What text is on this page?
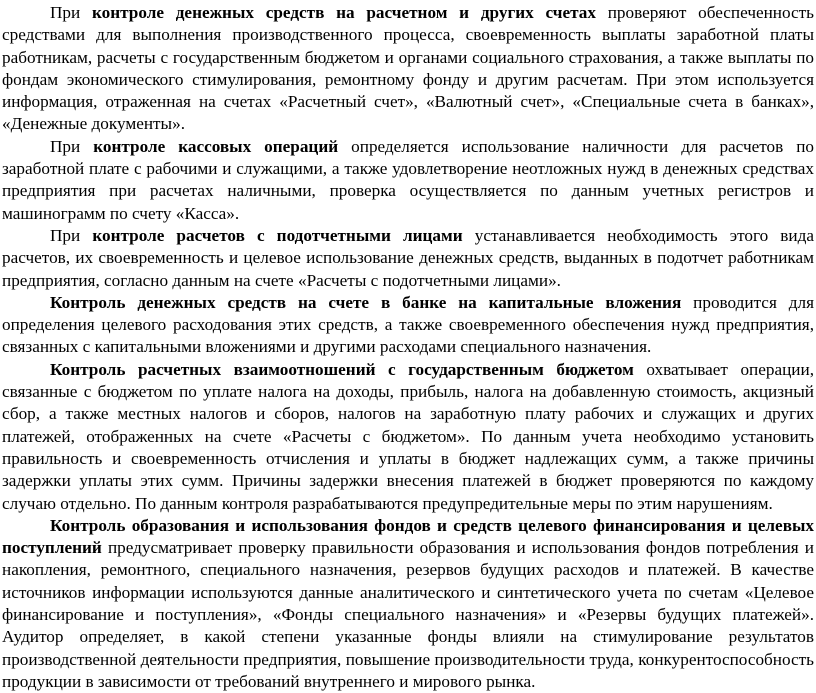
При контроле денежных средств на расчетном и других счетах проверяют обеспеченность средствами для выполнения производственного процесса, своевременность выплаты заработной платы работникам, расчеты с государственным бюджетом и органами социального страхования, а также выплаты по фондам экономического стимулирования, ремонтному фонду и другим расчетам. При этом используется информация, отраженная на счетах «Расчетный счет», «Валютный счет», «Специальные счета в банках», «Денежные документы».

При контроле кассовых операций определяется использование наличности для расчетов по заработной плате с рабочими и служащими, а также удовлетворение неотложных нужд в денежных средствах предприятия при расчетах наличными, проверка осуществляется по данным учетных регистров и машинограмм по счету «Касса».

При контроле расчетов с подотчетными лицами устанавливается необходимость этого вида расчетов, их своевременность и целевое использование денежных средств, выданных в подотчет работникам предприятия, согласно данным на счете «Расчеты с подотчетными лицами».

Контроль денежных средств на счете в банке на капитальные вложения проводится для определения целевого расходования этих средств, а также своевременного обеспечения нужд предприятия, связанных с капитальными вложениями и другими расходами специального назначения.

Контроль расчетных взаимоотношений с государственным бюджетом охватывает операции, связанные с бюджетом по уплате налога на доходы, прибыль, налога на добавленную стоимость, акцизный сбор, а также местных налогов и сборов, налогов на заработную плату рабочих и служащих и других платежей, отображенных на счете «Расчеты с бюджетом». По данным учета необходимо установить правильность и своевременность отчисления и уплаты в бюджет надлежащих сумм, а также причины задержки уплаты этих сумм. Причины задержки внесения платежей в бюджет проверяются по каждому случаю отдельно. По данным контроля разрабатываются предупредительные меры по этим нарушениям.

Контроль образования и использования фондов и средств целевого финансирования и целевых поступлений предусматривает проверку правильности образования и использования фондов потребления и накопления, ремонтного, специального назначения, резервов будущих расходов и платежей. В качестве источников информации используются данные аналитического и синтетического учета по счетам «Целевое финансирование и поступления», «Фонды специального назначения» и «Резервы будущих платежей». Аудитор определяет, в какой степени указанные фонды влияли на стимулирование результатов производственной деятельности предприятия, повышение производительности труда, конкурентоспособность продукции в зависимости от требований внутреннего и мирового рынка.
